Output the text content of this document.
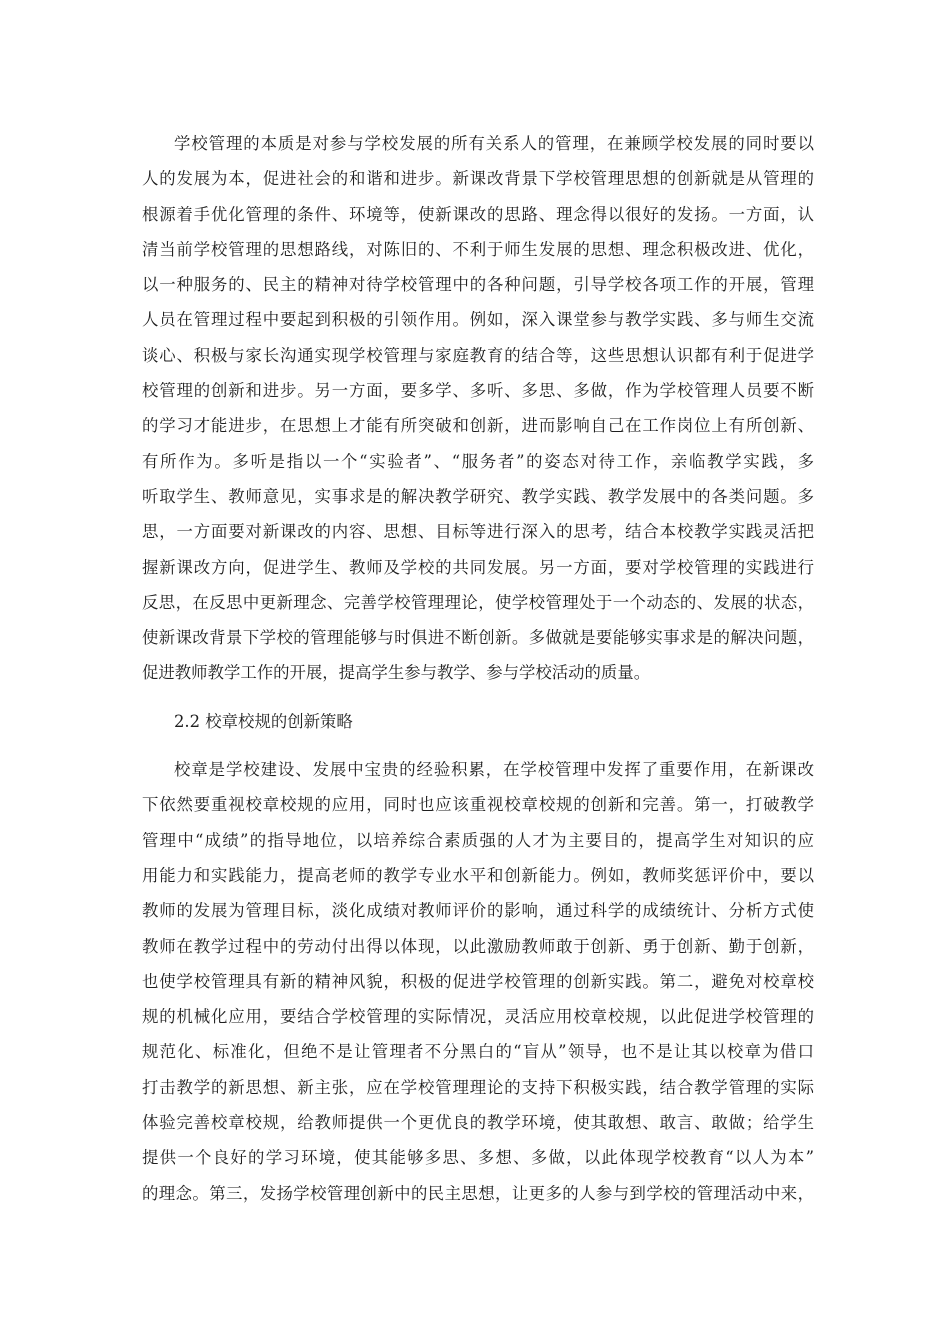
学校管理的本质是对参与学校发展的所有关系人的管理，在兼顾学校发展的同时要以
人的发展为本，促进社会的和谐和进步。新课改背景下学校管理思想的创新就是从管理的
根源着手优化管理的条件、环境等，使新课改的思路、理念得以很好的发扬。一方面，认
清当前学校管理的思想路线，对陈旧的、不利于师生发展的思想、理念积极改进、优化，
以一种服务的、民主的精神对待学校管理中的各种问题，引导学校各项工作的开展，管理
人员在管理过程中要起到积极的引领作用。例如，深入课堂参与教学实践、多与师生交流
谈心、积极与家长沟通实现学校管理与家庭教育的结合等，这些思想认识都有利于促进学
校管理的创新和进步。另一方面，要多学、多听、多思、多做，作为学校管理人员要不断
的学习才能进步，在思想上才能有所突破和创新，进而影响自己在工作岗位上有所创新、
有所作为。多听是指以一个“实验者”、“服务者”的姿态对待工作，亲临教学实践，多
听取学生、教师意见，实事求是的解决教学研究、教学实践、教学发展中的各类问题。多
思，一方面要对新课改的内容、思想、目标等进行深入的思考，结合本校教学实践灵活把
握新课改方向，促进学生、教师及学校的共同发展。另一方面，要对学校管理的实践进行
反思，在反思中更新理念、完善学校管理理论，使学校管理处于一个动态的、发展的状态，
使新课改背景下学校的管理能够与时俱进不断创新。多做就是要能够实事求是的解决问题，
促进教师教学工作的开展，提高学生参与教学、参与学校活动的质量。
2.2 校章校规的创新策略
校章是学校建设、发展中宝贵的经验积累，在学校管理中发挥了重要作用，在新课改
下依然要重视校章校规的应用，同时也应该重视校章校规的创新和完善。第一，打破教学
管理中“成绩”的指导地位，以培养综合素质强的人才为主要目的，提高学生对知识的应
用能力和实践能力，提高老师的教学专业水平和创新能力。例如，教师奖惩评价中，要以
教师的发展为管理目标，淡化成绩对教师评价的影响，通过科学的成绩统计、分析方式使
教师在教学过程中的劳动付出得以体现，以此激励教师敢于创新、勇于创新、勤于创新，
也使学校管理具有新的精神风貌，积极的促进学校管理的创新实践。第二，避免对校章校
规的机械化应用，要结合学校管理的实际情况，灵活应用校章校规，以此促进学校管理的
规范化、标准化，但绝不是让管理者不分黑白的“盲从”领导，也不是让其以校章为借口
打击教学的新思想、新主张，应在学校管理理论的支持下积极实践，结合教学管理的实际
体验完善校章校规，给教师提供一个更优良的教学环境，使其敢想、敢言、敢做；给学生
提供一个良好的学习环境，使其能够多思、多想、多做，以此体现学校教育“以人为本”
的理念。第三，发扬学校管理创新中的民主思想，让更多的人参与到学校的管理活动中来，
